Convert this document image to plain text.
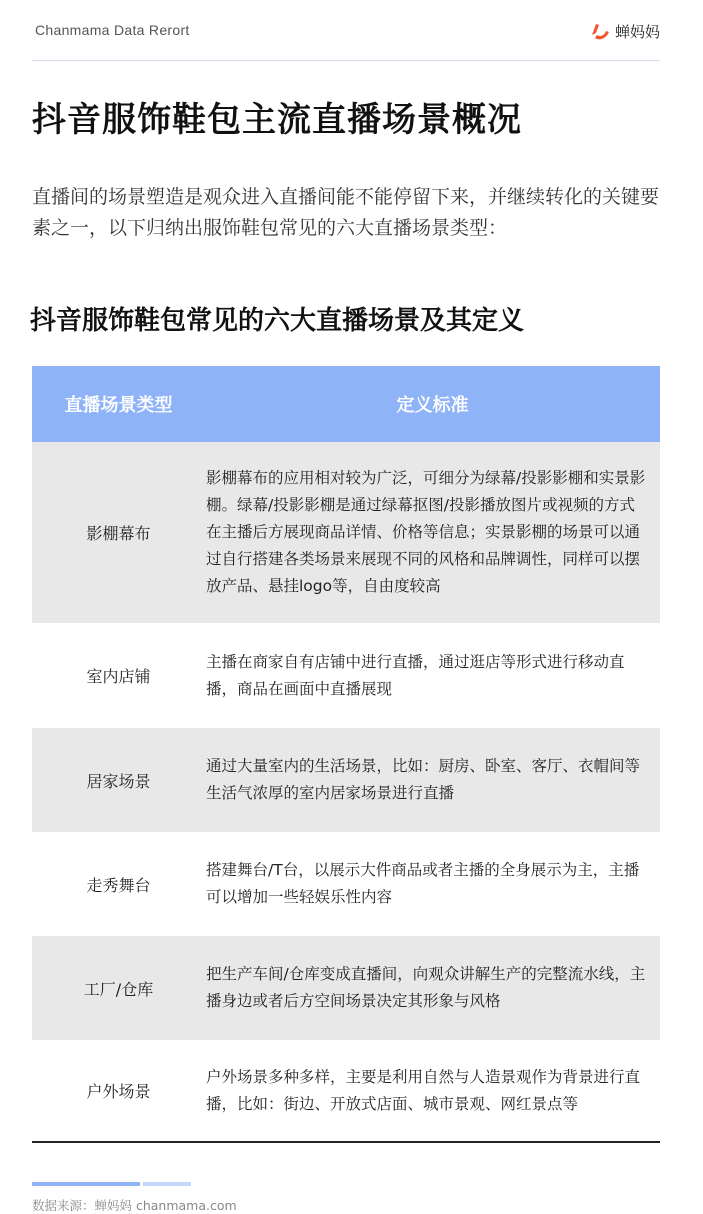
Chanmama Data Rerort	蝉妈妈
抖音服饰鞋包主流直播场景概况

直播间的场景塑造是观众进入直播间能不能停留下来，并继续转化的关键要素之一，以下归纳出服饰鞋包常见的六大直播场景类型：

抖音服饰鞋包常见的六大直播场景及其定义
直播场景类型	定义标准
影棚幕布	影棚幕布的应用相对较为广泛，可细分为绿幕/投影影棚和实景影棚。绿幕/投影影棚是通过绿幕抠图/投影播放图片或视频的方式在主播后方展现商品详情、价格等信息；实景影棚的场景可以通过自行搭建各类场景来展现不同的风格和品牌调性，同样可以摆放产品、悬挂logo等，自由度较高
室内店铺	主播在商家自有店铺中进行直播，通过逛店等形式进行移动直播，商品在画面中直播展现
居家场景	通过大量室内的生活场景，比如：厨房、卧室、客厅、衣帽间等生活气浓厚的室内居家场景进行直播
走秀舞台	搭建舞台/T台，以展示大件商品或者主播的全身展示为主，主播可以增加一些轻娱乐性内容
工厂/仓库	把生产车间/仓库变成直播间，向观众讲解生产的完整流水线，主播身边或者后方空间场景决定其形象与风格
户外场景	户外场景多种多样，主要是利用自然与人造景观作为背景进行直播，比如：街边、开放式店面、城市景观、网红景点等
数据来源：蝉妈妈 chanmama.com
